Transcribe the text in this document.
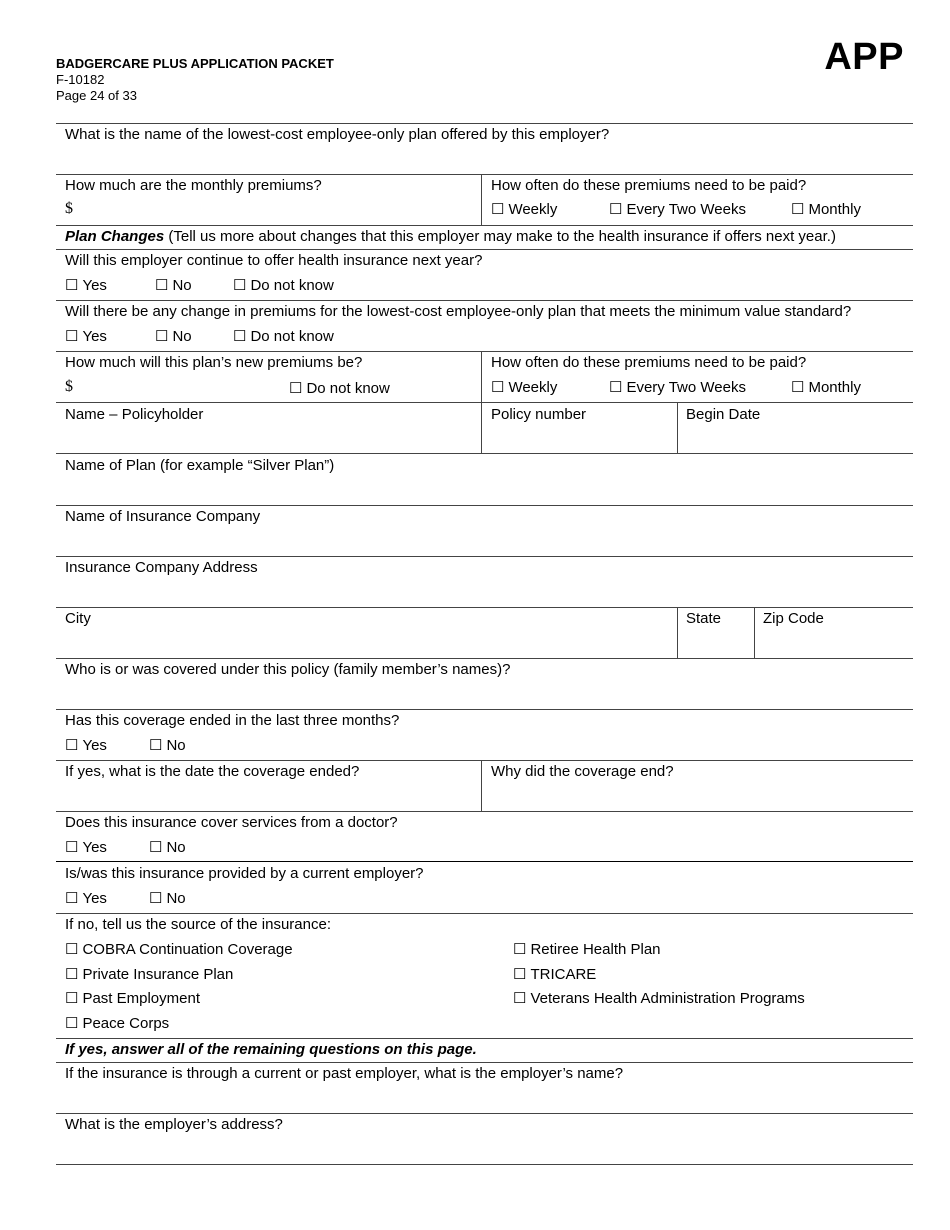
BADGERCARE PLUS APPLICATION PACKET
F-10182
Page 24 of 33
APP
What is the name of the lowest-cost employee-only plan offered by this employer?
How much are the monthly premiums?
$
How often do these premiums need to be paid?
☐ Weekly	☐ Every Two Weeks	☐ Monthly
Plan Changes (Tell us more about changes that this employer may make to the health insurance if offers next year.)
Will this employer continue to offer health insurance next year?
☐ Yes	☐ No	☐ Do not know
Will there be any change in premiums for the lowest-cost employee-only plan that meets the minimum value standard?
☐ Yes	☐ No	☐ Do not know
How much will this plan’s new premiums be?
$	☐ Do not know
How often do these premiums need to be paid?
☐ Weekly	☐ Every Two Weeks	☐ Monthly
Name – Policyholder	Policy number	Begin Date
Name of Plan (for example “Silver Plan”)
Name of Insurance Company
Insurance Company Address
City	State	Zip Code
Who is or was covered under this policy (family member’s names)?
Has this coverage ended in the last three months?
☐ Yes	☐ No
If yes, what is the date the coverage ended?	Why did the coverage end?
Does this insurance cover services from a doctor?
☐ Yes	☐ No
Is/was this insurance provided by a current employer?
☐ Yes	☐ No
If no, tell us the source of the insurance:
☐ COBRA Continuation Coverage
☐ Private Insurance Plan
☐ Past Employment
☐ Peace Corps
☐ Retiree Health Plan
☐ TRICARE
☐ Veterans Health Administration Programs
If yes, answer all of the remaining questions on this page.
If the insurance is through a current or past employer, what is the employer’s name?
What is the employer’s address?
